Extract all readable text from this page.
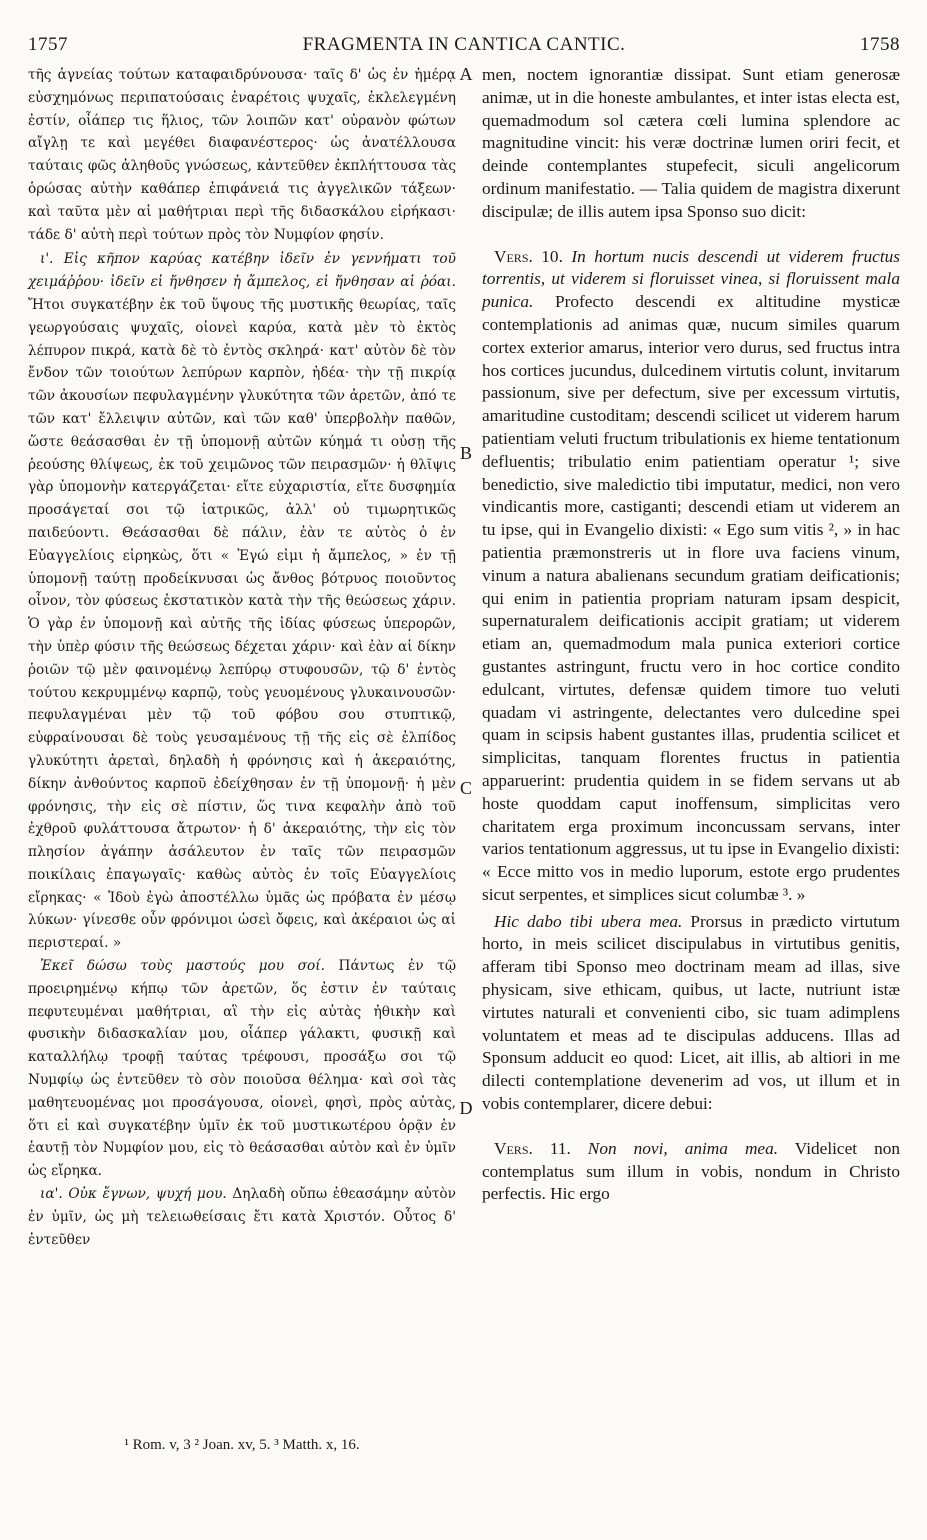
1757	FRAGMENTA IN CANTICA CANTIC.	1758

τῆς ἁγνείας τούτων καταφαιδρύνουσα· ταῖς δ' ὡς ἐν ἡμέρᾳ εὐσχημόνως περιπατούσαις ἐναρέτοις ψυχαῖς, ἐκλελεγμένη ἐστίν, οἷάπερ τις ἥλιος, τῶν λοιπῶν κατ' οὐρανὸν φώτων αἴγλῃ τε καὶ μεγέθει διαφανέστερος· ὡς ἀνατέλλουσα ταύταις φῶς ἀληθοῦς γνώσεως, κἀντεῦθεν ἐκπλήττουσα τὰς ὁρώσας αὐτὴν καθάπερ ἐπιφάνειά τις ἀγγελικῶν τάξεων· καὶ ταῦτα μὲν αἱ μαθήτριαι περὶ τῆς διδασκάλου εἰρήκασι· τάδε δ' αὐτὴ περὶ τούτων πρὸς τὸν Νυμφίον φησίν.

ι'. Εἰς κῆπον καρύας κατέβην ἰδεῖν ἐν γεννήματι τοῦ χειμάῤῥου· ἰδεῖν εἰ ἤνθησεν ἡ ἄμπελος, εἰ ἤνθησαν αἱ ῥόαι. Ἤτοι συγκατέβην ἐκ τοῦ ὕψους τῆς μυστικῆς θεωρίας, ταῖς γεωργούσαις ψυχαῖς, οἱονεὶ καρύα, κατὰ μὲν τὸ ἐκτὸς λέπυρον πικρά, κατὰ δὲ τὸ ἐντὸς σκληρά· κατ' αὐτὸν δὲ τὸν ἔνδον τῶν τοιούτων λεπύρων καρπὸν, ἠδέα· τὴν τῇ πικρίᾳ τῶν ἀκουσίων πεφυλαγμένην γλυκύτητα τῶν ἀρετῶν, ἀπό τε τῶν κατ' ἔλλειψιν αὐτῶν, καὶ τῶν καθ' ὑπερβολὴν παθῶν, ὥστε θεάσασθαι ἐν τῇ ὑπομονῇ αὐτῶν κύημά τι οὐσῃ τῆς ῥεούσης θλίψεως, ἐκ τοῦ χειμῶνος τῶν πειρασμῶν· ἡ θλῖψις γὰρ ὑπομονὴν κατεργάζεται· εἴτε εὐχαριστία, εἴτε δυσφημία προσάγεταί σοι τῷ ἰατρικῶς, ἀλλ' οὐ τιμωρητικῶς παιδεύοντι. Θεάσασθαι δὲ πάλιν, ἐὰν τε αὐτὸς ὁ ἐν Εὐαγγελίοις εἰρηκὼς, ὅτι « Ἐγώ εἰμι ἡ ἄμπελος, » ἐν τῇ ὑπομονῇ ταύτῃ προδείκνυσαι ὡς ἄνθος βότρυος ποιοῦντος οἶνον, τὸν φύσεως ἐκστατικὸν κατὰ τὴν τῆς θεώσεως χάριν. Ὁ γὰρ ἐν ὑπομονῇ καὶ αὐτῆς τῆς ἰδίας φύσεως ὑπερορῶν, τὴν ὑπὲρ φύσιν τῆς θεώσεως δέχεται χάριν· καὶ ἐὰν αἱ δίκην ῥοιῶν τῷ μὲν φαινομένῳ λεπύρῳ στυφουσῶν, τῷ δ' ἐντὸς τούτου κεκρυμμένῳ καρπῷ, τοὺς γευομένους γλυκαινουσῶν· πεφυλαγμέναι μὲν τῷ τοῦ φόβου σου στυπτικῷ, εὐφραίνουσαι δὲ τοὺς γευσαμένους τῇ τῆς εἰς σὲ ἐλπίδος γλυκύτητι ἀρεταὶ, δηλαδὴ ἡ φρόνησις καὶ ἡ ἀκεραιότης, δίκην ἀνθούντος καρποῦ ἐδείχθησαν ἐν τῇ ὑπομονῇ· ἡ μὲν φρόνησις, τὴν εἰς σὲ πίστιν, ὥς τινα κεφαλὴν ἀπὸ τοῦ ἐχθροῦ φυλάττουσα ἄτρωτον· ἡ δ' ἀκεραιότης, τὴν εἰς τὸν πλησίον ἀγάπην ἀσάλευτον ἐν ταῖς τῶν πειρασμῶν ποικίλαις ἐπαγωγαῖς· καθὼς αὐτὸς ἐν τοῖς Εὐαγγελίοις εἴρηκας· « Ἰδοὺ ἐγὼ ἀποστέλλω ὑμᾶς ὡς πρόβατα ἐν μέσῳ λύκων· γίνεσθε οὖν φρόνιμοι ὡσεὶ ὄφεις, καὶ ἀκέραιοι ὡς αἱ περιστεραί. »

Ἐκεῖ δώσω τοὺς μαστούς μου σοί. Πάντως ἐν τῷ προειρημένῳ κήπῳ τῶν ἀρετῶν, ὅς ἐστιν ἐν ταύταις πεφυτευμέναι μαθήτριαι, αἳ τὴν εἰς αὐτὰς ἠθικὴν καὶ φυσικὴν διδασκαλίαν μου, οἷάπερ γάλακτι, φυσικῇ καὶ καταλλήλῳ τροφῇ ταύτας τρέφουσι, προσάξω σοι τῷ Νυμφίῳ ὡς ἐντεῦθεν τὸ σὸν ποιοῦσα θέλημα· καὶ σοὶ τὰς μαθητευομένας μοι προσάγουσα, οἱονεὶ, φησὶ, πρὸς αὐτὰς, ὅτι εἰ καὶ συγκατέβην ὑμῖν ἐκ τοῦ μυστικωτέρου ὁρᾷν ἐν ἑαυτῇ τὸν Νυμφίον μου, εἰς τὸ θεάσασθαι αὐτὸν καὶ ἐν ὑμῖν ὡς εἴρηκα.

ια'. Οὐκ ἔγνων, ψυχή μου. Δηλαδὴ οὔπω ἐθεασάμην αὐτὸν ἐν ὑμῖν, ὡς μὴ τελειωθείσαις ἔτι κατὰ Χριστόν. Οὗτος δ' ἐντεῦθεν

A
B
C
D

men, noctem ignorantiæ dissipat. Sunt etiam generosæ animæ, ut in die honeste ambulantes, et inter istas electa est, quemadmodum sol cætera cœli lumina splendore ac magnitudine vincit: his veræ doctrinæ lumen oriri fecit, et deinde contemplantes stupefecit, siculi angelicorum ordinum manifestatio. — Talia quidem de magistra dixerunt discipulæ; de illis autem ipsa Sponso suo dicit:

Vers. 10. In hortum nucis descendi ut viderem fructus torrentis, ut viderem si floruisset vinea, si floruissent mala punica. Profecto descendi ex altitudine mysticæ contemplationis ad animas quæ, nucum similes quarum cortex exterior amarus, interior vero durus, sed fructus intra hos cortices jucundus, dulcedinem virtutis colunt, invitarum passionum, sive per defectum, sive per excessum virtutis, amaritudine custoditam; descendi scilicet ut viderem harum patientiam veluti fructum tribulationis ex hieme tentationum defluentis; tribulatio enim patientiam operatur ¹; sive benedictio, sive maledictio tibi imputatur, medici, non vero vindicantis more, castiganti; descendi etiam ut viderem an tu ipse, qui in Evangelio dixisti: « Ego sum vitis ², » in hac patientia præmonstreris ut in flore uva faciens vinum, vinum a natura abalienans secundum gratiam deificationis; qui enim in patientia propriam naturam ipsam despicit, supernaturalem deificationis accipit gratiam; ut viderem etiam an, quemadmodum mala punica exteriori cortice gustantes astringunt, fructu vero in hoc cortice condito edulcant, virtutes, defensæ quidem timore tuo veluti quadam vi astringente, delectantes vero dulcedine spei quam in scipsis habent gustantes illas, prudentia scilicet et simplicitas, tanquam florentes fructus in patientia apparuerint: prudentia quidem in se fidem servans ut ab hoste quoddam caput inoffensum, simplicitas vero charitatem erga proximum inconcussam servans, inter varios tentationum aggressus, ut tu ipse in Evangelio dixisti: « Ecce mitto vos in medio luporum, estote ergo prudentes sicut serpentes, et simplices sicut columbæ ³. »

Hic dabo tibi ubera mea. Prorsus in prædicto virtutum horto, in meis scilicet discipulabus in virtutibus genitis, afferam tibi Sponso meo doctrinam meam ad illas, sive physicam, sive ethicam, quibus, ut lacte, nutriunt istæ virtutes naturali et convenienti cibo, sic tuam adimplens voluntatem et meas ad te discipulas adducens. Illas ad Sponsum adducit eo quod: Licet, ait illis, ab altiori in me dilecti contemplatione devenerim ad vos, ut illum et in vobis contemplarer, dicere debui:

Vers. 11. Non novi, anima mea. Videlicet non contemplatus sum illum in vobis, nondum in Christo perfectis. Hic ergo

¹ Rom. v, 3 ² Joan. xv, 5. ³ Matth. x, 16.
